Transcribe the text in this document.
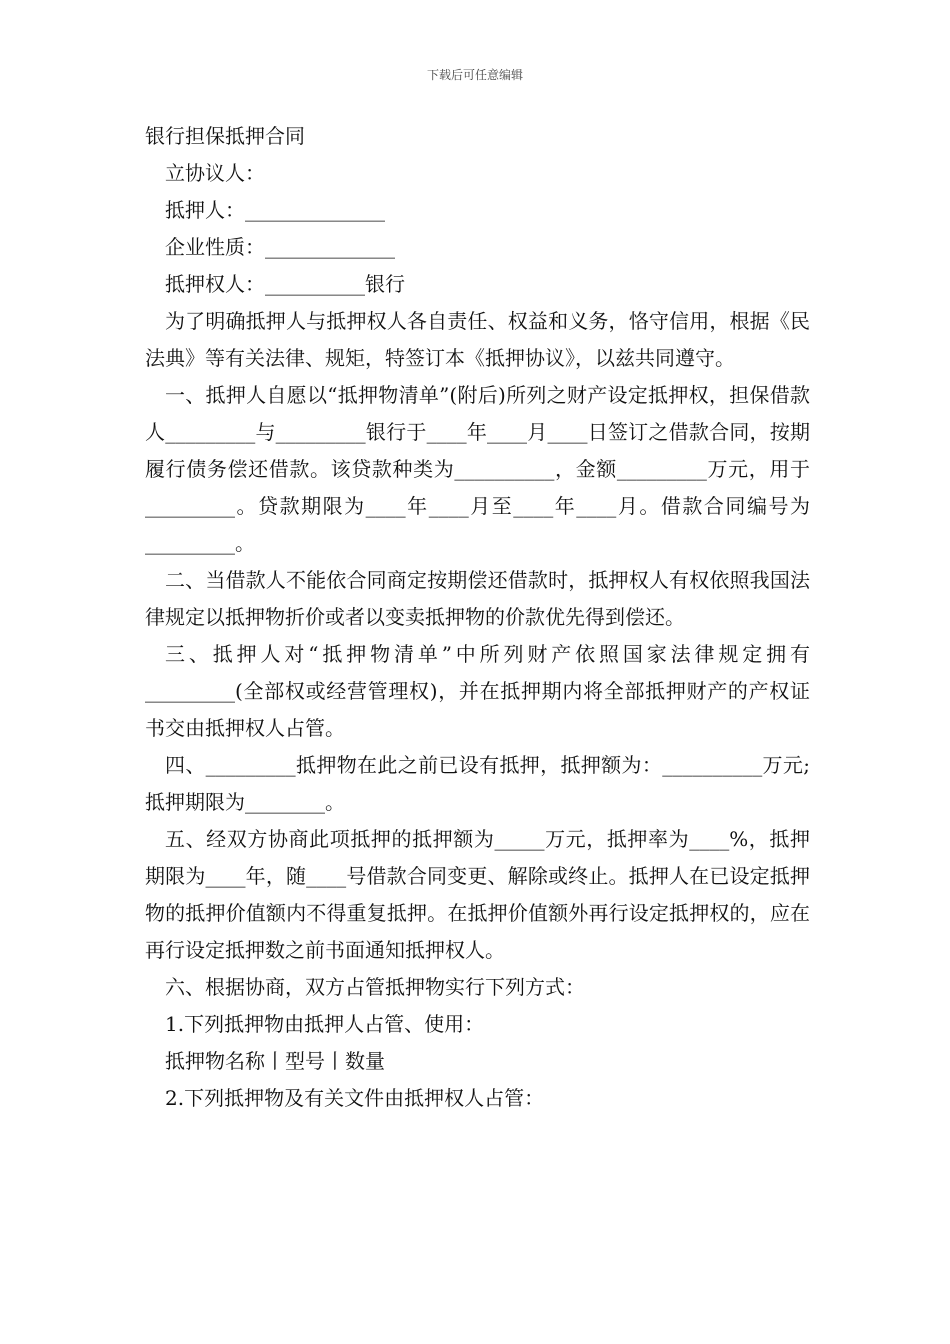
下载后可任意编辑

银行担保抵押合同

立协议人：

抵押人：______________

企业性质：_____________

抵押权人：__________银行

为了明确抵押人与抵押权人各自责任、权益和义务，恪守信用，根据《民法典》等有关法律、规矩，特签订本《抵押协议》，以兹共同遵守。

一、抵押人自愿以“抵押物清单”(附后)所列之财产设定抵押权，担保借款人_________与_________银行于____年____月____日签订之借款合同，按期履行债务偿还借款。该贷款种类为__________，金额_________万元，用于_________。贷款期限为____年____月至____年____月。借款合同编号为_________。

二、当借款人不能依合同商定按期偿还借款时，抵押权人有权依照我国法律规定以抵押物折价或者以变卖抵押物的价款优先得到偿还。

三、抵押人对“抵押物清单”中所列财产依照国家法律规定拥有_________(全部权或经营管理权)，并在抵押期内将全部抵押财产的产权证书交由抵押权人占管。

四、_________抵押物在此之前已设有抵押，抵押额为：__________万元;抵押期限为________。

五、经双方协商此项抵押的抵押额为_____万元，抵押率为____%，抵押期限为____年，随____号借款合同变更、解除或终止。抵押人在已设定抵押物的抵押价值额内不得重复抵押。在抵押价值额外再行设定抵押权的，应在再行设定抵押数之前书面通知抵押权人。

六、根据协商，双方占管抵押物实行下列方式：

1.下列抵押物由抵押人占管、使用：

抵押物名称丨型号丨数量

2.下列抵押物及有关文件由抵押权人占管：
